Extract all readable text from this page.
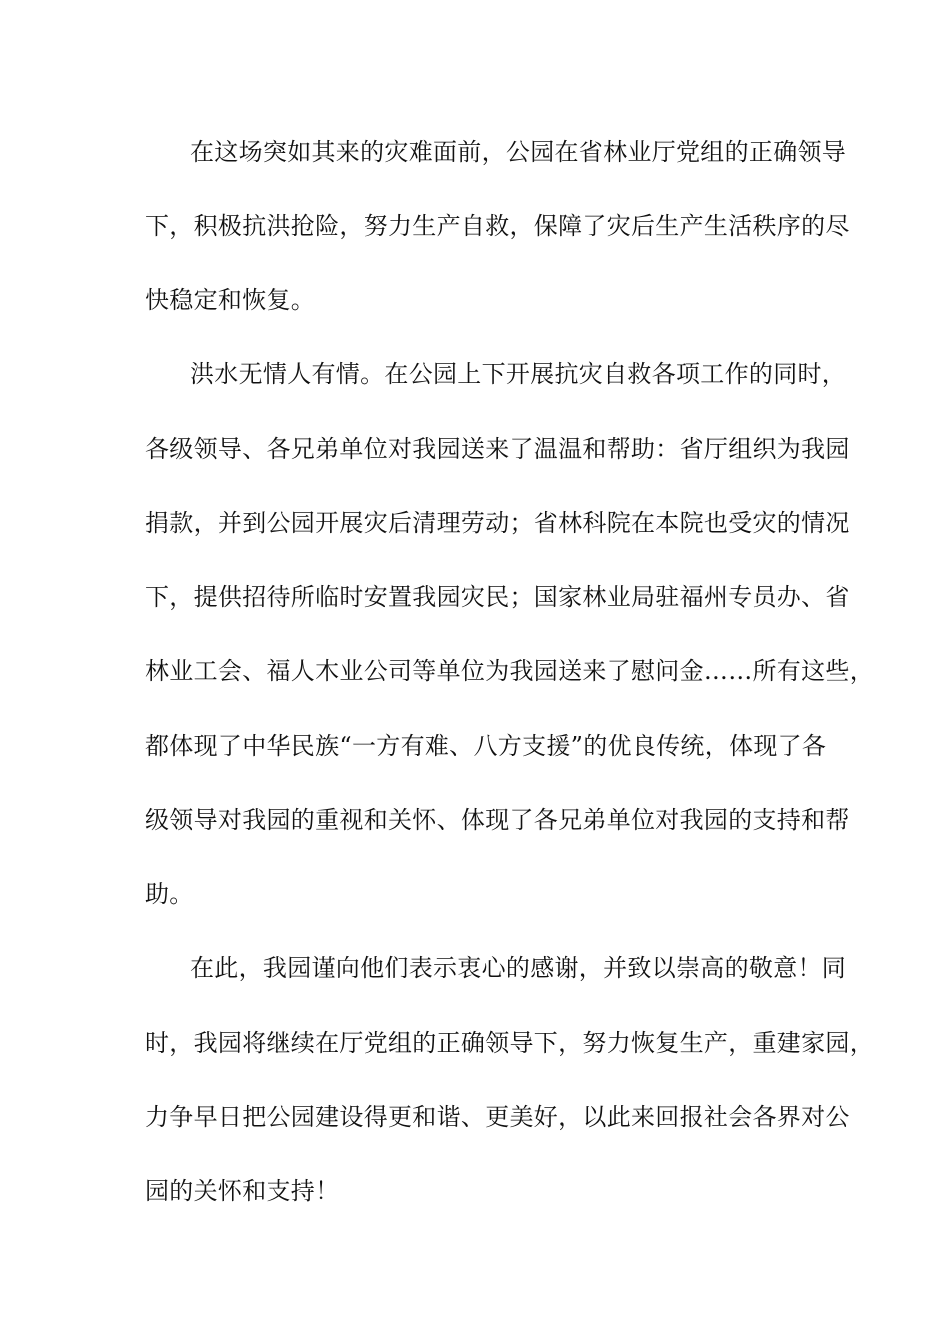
在这场突如其来的灾难面前，公园在省林业厅党组的正确领导
下，积极抗洪抢险，努力生产自救，保障了灾后生产生活秩序的尽
快稳定和恢复。
洪水无情人有情。在公园上下开展抗灾自救各项工作的同时，
各级领导、各兄弟单位对我园送来了温温和帮助：省厅组织为我园
捐款，并到公园开展灾后清理劳动；省林科院在本院也受灾的情况
下，提供招待所临时安置我园灾民；国家林业局驻福州专员办、省
林业工会、福人木业公司等单位为我园送来了慰问金……所有这些，
都体现了中华民族“一方有难、八方支援”的优良传统，体现了各
级领导对我园的重视和关怀、体现了各兄弟单位对我园的支持和帮
助。
在此，我园谨向他们表示衷心的感谢，并致以崇高的敬意！同
时，我园将继续在厅党组的正确领导下，努力恢复生产，重建家园，
力争早日把公园建设得更和谐、更美好，以此来回报社会各界对公
园的关怀和支持！
